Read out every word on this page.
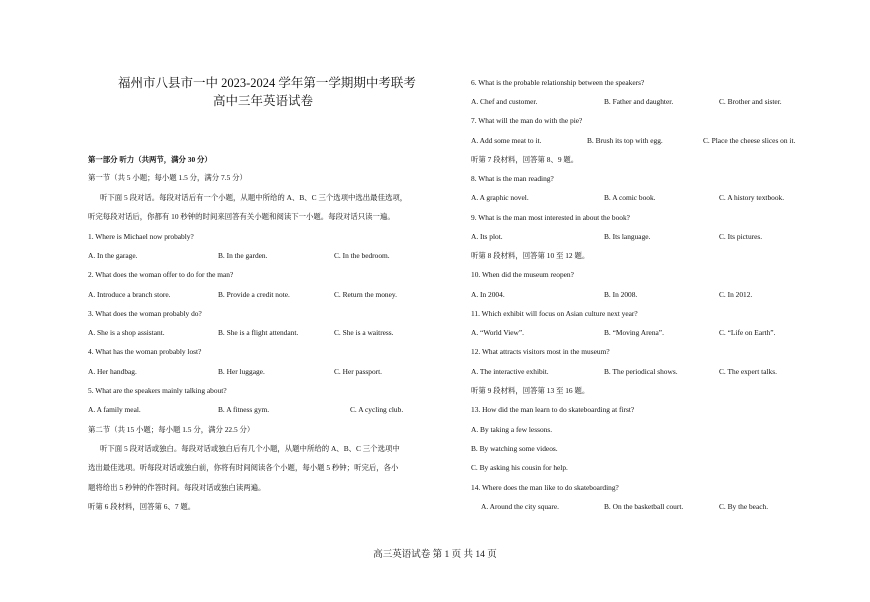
福州市八县市一中 2023-2024 学年第一学期期中考联考
高中三年英语试卷
第一部分 听力（共两节，满分 30 分）
第一节（共 5 小题；每小题 1.5 分，满分 7.5 分）
听下面 5 段对话。每段对话后有一个小题，从题中所给的 A、B、C 三个选项中选出最佳选项，
听完每段对话后，你都有 10 秒钟的时间来回答有关小题和阅读下一小题。每段对话只读一遍。
1. Where is Michael now probably?
A. In the garage.	B. In the garden.	C. In the bedroom.
2. What does the woman offer to do for the man?
A. Introduce a branch store.	B. Provide a credit note.	C. Return the money.
3. What does the woman probably do?
A. She is a shop assistant.	B. She is a flight attendant.	C. She is a waitress.
4. What has the woman probably lost?
A. Her handbag.	B. Her luggage.	C. Her passport.
5. What are the speakers mainly talking about?
A. A family meal.	B. A fitness gym.	C. A cycling club.
第二节（共 15 小题；每小题 1.5 分，满分 22.5 分）
听下面 5 段对话或独白。每段对话或独白后有几个小题，从题中所给的 A、B、C 三个选项中
选出最佳选项。听每段对话或独白前，你将有时间阅读各个小题，每小题 5 秒钟；听完后，各小
题将给出 5 秒钟的作答时间。每段对话或独白读两遍。
听第 6 段材料，回答第 6、7 题。
6. What is the probable relationship between the speakers?
A. Chef and customer.	B. Father and daughter.	C. Brother and sister.
7. What will the man do with the pie?
A. Add some meat to it.	B. Brush its top with egg.	C. Place the cheese slices on it.
听第 7 段材料，回答第 8、9 题。
8. What is the man reading?
A. A graphic novel.	B. A comic book.	C. A history textbook.
9. What is the man most interested in about the book?
A. Its plot.	B. Its language.	C. Its pictures.
听第 8 段材料，回答第 10 至 12 题。
10. When did the museum reopen?
A. In 2004.	B. In 2008.	C. In 2012.
11. Which exhibit will focus on Asian culture next year?
A. “World View”.	B. “Moving Arena”.	C. “Life on Earth”.
12. What attracts visitors most in the museum?
A. The interactive exhibit.	B. The periodical shows.	C. The expert talks.
听第 9 段材料，回答第 13 至 16 题。
13. How did the man learn to do skateboarding at first?
A. By taking a few lessons.
B. By watching some videos.
C. By asking his cousin for help.
14. Where does the man like to do skateboarding?
A. Around the city square.	B. On the basketball court.	C. By the beach.
高三英语试卷 第 1 页 共 14 页
